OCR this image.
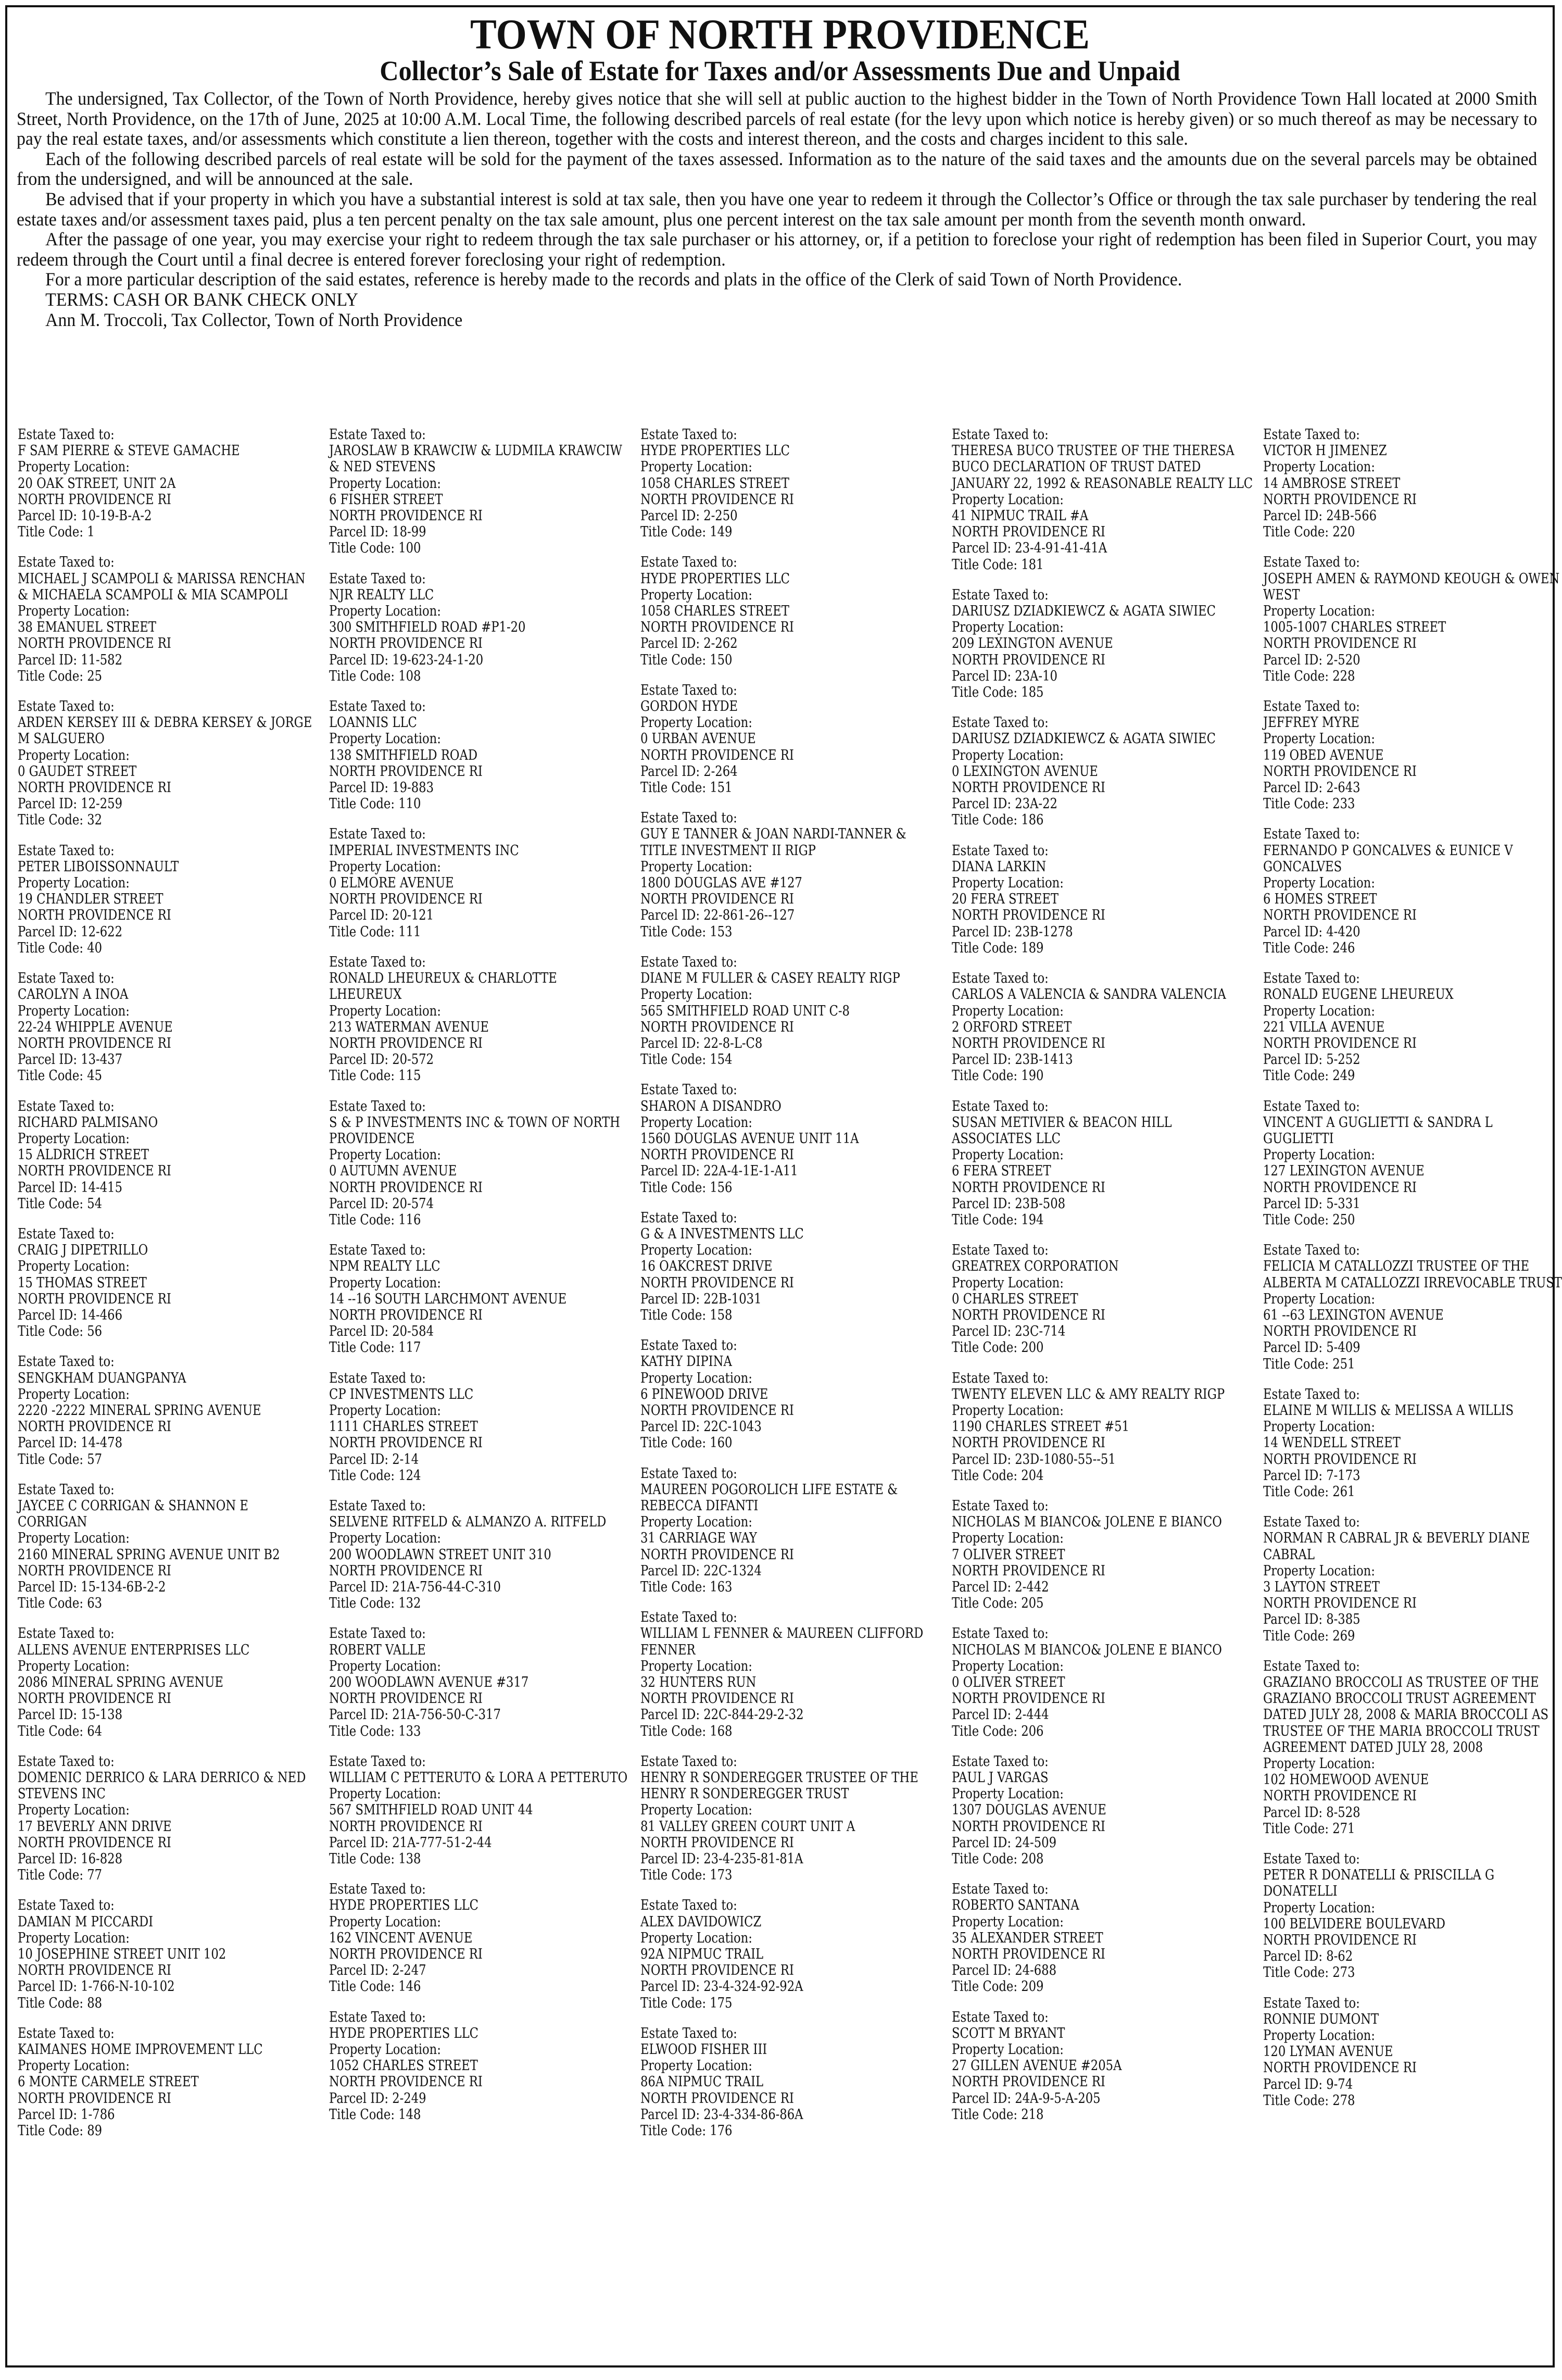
TOWN OF NORTH PROVIDENCE
Collector’s Sale of Estate for Taxes and/or Assessments Due and Unpaid

The undersigned, Tax Collector, of the Town of North Providence, hereby gives notice that she will sell at public auction to the highest bidder in the Town of North Providence Town Hall located at 2000 Smith Street, North Providence, on the 17th of June, 2025 at 10:00 A.M. Local Time, the following described parcels of real estate (for the levy upon which notice is hereby given) or so much thereof as may be necessary to pay the real estate taxes, and/or assessments which constitute a lien thereon, together with the costs and interest thereon, and the costs and charges incident to this sale.

Each of the following described parcels of real estate will be sold for the payment of the taxes assessed. Information as to the nature of the said taxes and the amounts due on the several parcels may be obtained from the undersigned, and will be announced at the sale.

Be advised that if your property in which you have a substantial interest is sold at tax sale, then you have one year to redeem it through the Collector’s Office or through the tax sale purchaser by tendering the real estate taxes and/or assessment taxes paid, plus a ten percent penalty on the tax sale amount, plus one percent interest on the tax sale amount per month from the seventh month onward.

After the passage of one year, you may exercise your right to redeem through the tax sale purchaser or his attorney, or, if a petition to foreclose your right of redemption has been filed in Superior Court, you may redeem through the Court until a final decree is entered forever foreclosing your right of redemption.

For a more particular description of the said estates, reference is hereby made to the records and plats in the office of the Clerk of said Town of North Providence.

TERMS: CASH OR BANK CHECK ONLY

Ann M. Troccoli, Tax Collector, Town of North Providence

Estate Taxed to:
F SAM PIERRE & STEVE GAMACHE
Property Location:
20 OAK STREET, UNIT 2A
NORTH PROVIDENCE RI
Parcel ID: 10-19-B-A-2
Title Code: 1
Estate Taxed to:
MICHAEL J SCAMPOLI & MARISSA RENCHAN & MICHAELA SCAMPOLI & MIA SCAMPOLI
Property Location:
38 EMANUEL STREET
NORTH PROVIDENCE RI
Parcel ID: 11-582
Title Code: 25
Estate Taxed to:
ARDEN KERSEY III & DEBRA KERSEY & JORGE M SALGUERO
Property Location:
0 GAUDET STREET
NORTH PROVIDENCE RI
Parcel ID: 12-259
Title Code: 32
Estate Taxed to:
PETER LIBOISSONNAULT
Property Location:
19 CHANDLER STREET
NORTH PROVIDENCE RI
Parcel ID: 12-622
Title Code: 40
Estate Taxed to:
CAROLYN A INOA
Property Location:
22-24 WHIPPLE AVENUE
NORTH PROVIDENCE RI
Parcel ID: 13-437
Title Code: 45
Estate Taxed to:
RICHARD PALMISANO
Property Location:
15 ALDRICH STREET
NORTH PROVIDENCE RI
Parcel ID: 14-415
Title Code: 54
Estate Taxed to:
CRAIG J DIPETRILLO
Property Location:
15 THOMAS STREET
NORTH PROVIDENCE RI
Parcel ID: 14-466
Title Code: 56
Estate Taxed to:
SENGKHAM DUANGPANYA
Property Location:
2220 -2222 MINERAL SPRING AVENUE
NORTH PROVIDENCE RI
Parcel ID: 14-478
Title Code: 57
Estate Taxed to:
JAYCEE C CORRIGAN & SHANNON E CORRIGAN
Property Location:
2160 MINERAL SPRING AVENUE UNIT B2
NORTH PROVIDENCE RI
Parcel ID: 15-134-6B-2-2
Title Code: 63
Estate Taxed to:
ALLENS AVENUE ENTERPRISES LLC
Property Location:
2086 MINERAL SPRING AVENUE
NORTH PROVIDENCE RI
Parcel ID: 15-138
Title Code: 64
Estate Taxed to:
DOMENIC DERRICO & LARA DERRICO & NED STEVENS INC
Property Location:
17 BEVERLY ANN DRIVE
NORTH PROVIDENCE RI
Parcel ID: 16-828
Title Code: 77
Estate Taxed to:
DAMIAN M PICCARDI
Property Location:
10 JOSEPHINE STREET UNIT 102
NORTH PROVIDENCE RI
Parcel ID: 1-766-N-10-102
Title Code: 88
Estate Taxed to:
KAIMANES HOME IMPROVEMENT LLC
Property Location:
6 MONTE CARMELE STREET
NORTH PROVIDENCE RI
Parcel ID: 1-786
Title Code: 89
Estate Taxed to:
JAROSLAW B KRAWCIW & LUDMILA KRAWCIW & NED STEVENS
Property Location:
6 FISHER STREET
NORTH PROVIDENCE RI
Parcel ID: 18-99
Title Code: 100
Estate Taxed to:
NJR REALTY LLC
Property Location:
300 SMITHFIELD ROAD #P1-20
NORTH PROVIDENCE RI
Parcel ID: 19-623-24-1-20
Title Code: 108
Estate Taxed to:
LOANNIS LLC
Property Location:
138 SMITHFIELD ROAD
NORTH PROVIDENCE RI
Parcel ID: 19-883
Title Code: 110
Estate Taxed to:
IMPERIAL INVESTMENTS INC
Property Location:
0 ELMORE AVENUE
NORTH PROVIDENCE RI
Parcel ID: 20-121
Title Code: 111
Estate Taxed to:
RONALD LHEUREUX & CHARLOTTE LHEUREUX
Property Location:
213 WATERMAN AVENUE
NORTH PROVIDENCE RI
Parcel ID: 20-572
Title Code: 115
Estate Taxed to:
S & P INVESTMENTS INC & TOWN OF NORTH PROVIDENCE
Property Location:
0 AUTUMN AVENUE
NORTH PROVIDENCE RI
Parcel ID: 20-574
Title Code: 116
Estate Taxed to:
NPM REALTY LLC
Property Location:
14 --16 SOUTH LARCHMONT AVENUE
NORTH PROVIDENCE RI
Parcel ID: 20-584
Title Code: 117
Estate Taxed to:
CP INVESTMENTS LLC
Property Location:
1111 CHARLES STREET
NORTH PROVIDENCE RI
Parcel ID: 2-14
Title Code: 124
Estate Taxed to:
SELVENE RITFELD & ALMANZO A. RITFELD
Property Location:
200 WOODLAWN STREET UNIT 310
NORTH PROVIDENCE RI
Parcel ID: 21A-756-44-C-310
Title Code: 132
Estate Taxed to:
ROBERT VALLE
Property Location:
200 WOODLAWN AVENUE #317
NORTH PROVIDENCE RI
Parcel ID: 21A-756-50-C-317
Title Code: 133
Estate Taxed to:
WILLIAM C PETTERUTO & LORA A PETTERUTO
Property Location:
567 SMITHFIELD ROAD UNIT 44
NORTH PROVIDENCE RI
Parcel ID: 21A-777-51-2-44
Title Code: 138
Estate Taxed to:
HYDE PROPERTIES LLC
Property Location:
162 VINCENT AVENUE
NORTH PROVIDENCE RI
Parcel ID: 2-247
Title Code: 146
Estate Taxed to:
HYDE PROPERTIES LLC
Property Location:
1052 CHARLES STREET
NORTH PROVIDENCE RI
Parcel ID: 2-249
Title Code: 148
Estate Taxed to:
HYDE PROPERTIES LLC
Property Location:
1058 CHARLES STREET
NORTH PROVIDENCE RI
Parcel ID: 2-250
Title Code: 149
Estate Taxed to:
HYDE PROPERTIES LLC
Property Location:
1058 CHARLES STREET
NORTH PROVIDENCE RI
Parcel ID: 2-262
Title Code: 150
Estate Taxed to:
GORDON HYDE
Property Location:
0 URBAN AVENUE
NORTH PROVIDENCE RI
Parcel ID: 2-264
Title Code: 151
Estate Taxed to:
GUY E TANNER & JOAN NARDI-TANNER & TITLE INVESTMENT II RIGP
Property Location:
1800 DOUGLAS AVE #127
NORTH PROVIDENCE RI
Parcel ID: 22-861-26--127
Title Code: 153
Estate Taxed to:
DIANE M FULLER & CASEY REALTY RIGP
Property Location:
565 SMITHFIELD ROAD UNIT C-8
NORTH PROVIDENCE RI
Parcel ID: 22-8-L-C8
Title Code: 154
Estate Taxed to:
SHARON A DISANDRO
Property Location:
1560 DOUGLAS AVENUE UNIT 11A
NORTH PROVIDENCE RI
Parcel ID: 22A-4-1E-1-A11
Title Code: 156
Estate Taxed to:
G & A INVESTMENTS LLC
Property Location:
16 OAKCREST DRIVE
NORTH PROVIDENCE RI
Parcel ID: 22B-1031
Title Code: 158
Estate Taxed to:
KATHY DIPINA
Property Location:
6 PINEWOOD DRIVE
NORTH PROVIDENCE RI
Parcel ID: 22C-1043
Title Code: 160
Estate Taxed to:
MAUREEN POGOROLICH LIFE ESTATE & REBECCA DIFANTI
Property Location:
31 CARRIAGE WAY
NORTH PROVIDENCE RI
Parcel ID: 22C-1324
Title Code: 163
Estate Taxed to:
WILLIAM L FENNER & MAUREEN CLIFFORD FENNER
Property Location:
32 HUNTERS RUN
NORTH PROVIDENCE RI
Parcel ID: 22C-844-29-2-32
Title Code: 168
Estate Taxed to:
HENRY R SONDEREGGER TRUSTEE OF THE HENRY R SONDEREGGER TRUST
Property Location:
81 VALLEY GREEN COURT UNIT A
NORTH PROVIDENCE RI
Parcel ID: 23-4-235-81-81A
Title Code: 173
Estate Taxed to:
ALEX DAVIDOWICZ
Property Location:
92A NIPMUC TRAIL
NORTH PROVIDENCE RI
Parcel ID: 23-4-324-92-92A
Title Code: 175
Estate Taxed to:
ELWOOD FISHER III
Property Location:
86A NIPMUC TRAIL
NORTH PROVIDENCE RI
Parcel ID: 23-4-334-86-86A
Title Code: 176
Estate Taxed to:
THERESA BUCO TRUSTEE OF THE THERESA BUCO DECLARATION OF TRUST DATED JANUARY 22, 1992 & REASONABLE REALTY LLC
Property Location:
41 NIPMUC TRAIL #A
NORTH PROVIDENCE RI
Parcel ID: 23-4-91-41-41A
Title Code: 181
Estate Taxed to:
DARIUSZ DZIADKIEWCZ & AGATA SIWIEC
Property Location:
209 LEXINGTON AVENUE
NORTH PROVIDENCE RI
Parcel ID: 23A-10
Title Code: 185
Estate Taxed to:
DARIUSZ DZIADKIEWCZ & AGATA SIWIEC
Property Location:
0 LEXINGTON AVENUE
NORTH PROVIDENCE RI
Parcel ID: 23A-22
Title Code: 186
Estate Taxed to:
DIANA LARKIN
Property Location:
20 FERA STREET
NORTH PROVIDENCE RI
Parcel ID: 23B-1278
Title Code: 189
Estate Taxed to:
CARLOS A VALENCIA & SANDRA VALENCIA
Property Location:
2 ORFORD STREET
NORTH PROVIDENCE RI
Parcel ID: 23B-1413
Title Code: 190
Estate Taxed to:
SUSAN METIVIER & BEACON HILL ASSOCIATES LLC
Property Location:
6 FERA STREET
NORTH PROVIDENCE RI
Parcel ID: 23B-508
Title Code: 194
Estate Taxed to:
GREATREX CORPORATION
Property Location:
0 CHARLES STREET
NORTH PROVIDENCE RI
Parcel ID: 23C-714
Title Code: 200
Estate Taxed to:
TWENTY ELEVEN LLC & AMY REALTY RIGP
Property Location:
1190 CHARLES STREET #51
NORTH PROVIDENCE RI
Parcel ID: 23D-1080-55--51
Title Code: 204
Estate Taxed to:
NICHOLAS M BIANCO& JOLENE E BIANCO
Property Location:
7 OLIVER STREET
NORTH PROVIDENCE RI
Parcel ID: 2-442
Title Code: 205
Estate Taxed to:
NICHOLAS M BIANCO& JOLENE E BIANCO
Property Location:
0 OLIVER STREET
NORTH PROVIDENCE RI
Parcel ID: 2-444
Title Code: 206
Estate Taxed to:
PAUL J VARGAS
Property Location:
1307 DOUGLAS AVENUE
NORTH PROVIDENCE RI
Parcel ID: 24-509
Title Code: 208
Estate Taxed to:
ROBERTO SANTANA
Property Location:
35 ALEXANDER STREET
NORTH PROVIDENCE RI
Parcel ID: 24-688
Title Code: 209
Estate Taxed to:
SCOTT M BRYANT
Property Location:
27 GILLEN AVENUE #205A
NORTH PROVIDENCE RI
Parcel ID: 24A-9-5-A-205
Title Code: 218
Estate Taxed to:
VICTOR H JIMENEZ
Property Location:
14 AMBROSE STREET
NORTH PROVIDENCE RI
Parcel ID: 24B-566
Title Code: 220
Estate Taxed to:
JOSEPH AMEN & RAYMOND KEOUGH & OWEN WEST
Property Location:
1005-1007 CHARLES STREET
NORTH PROVIDENCE RI
Parcel ID: 2-520
Title Code: 228
Estate Taxed to:
JEFFREY MYRE
Property Location:
119 OBED AVENUE
NORTH PROVIDENCE RI
Parcel ID: 2-643
Title Code: 233
Estate Taxed to:
FERNANDO P GONCALVES & EUNICE V GONCALVES
Property Location:
6 HOMES STREET
NORTH PROVIDENCE RI
Parcel ID: 4-420
Title Code: 246
Estate Taxed to:
RONALD EUGENE LHEUREUX
Property Location:
221 VILLA AVENUE
NORTH PROVIDENCE RI
Parcel ID: 5-252
Title Code: 249
Estate Taxed to:
VINCENT A GUGLIETTI & SANDRA L GUGLIETTI
Property Location:
127 LEXINGTON AVENUE
NORTH PROVIDENCE RI
Parcel ID: 5-331
Title Code: 250
Estate Taxed to:
FELICIA M CATALLOZZI TRUSTEE OF THE ALBERTA M CATALLOZZI IRREVOCABLE TRUST
Property Location:
61 --63 LEXINGTON AVENUE
NORTH PROVIDENCE RI
Parcel ID: 5-409
Title Code: 251
Estate Taxed to:
ELAINE M WILLIS & MELISSA A WILLIS
Property Location:
14 WENDELL STREET
NORTH PROVIDENCE RI
Parcel ID: 7-173
Title Code: 261
Estate Taxed to:
NORMAN R CABRAL JR & BEVERLY DIANE CABRAL
Property Location:
3 LAYTON STREET
NORTH PROVIDENCE RI
Parcel ID: 8-385
Title Code: 269
Estate Taxed to:
GRAZIANO BROCCOLI AS TRUSTEE OF THE GRAZIANO BROCCOLI TRUST AGREEMENT DATED JULY 28, 2008 & MARIA BROCCOLI AS TRUSTEE OF THE MARIA BROCCOLI TRUST AGREEMENT DATED JULY 28, 2008
Property Location:
102 HOMEWOOD AVENUE
NORTH PROVIDENCE RI
Parcel ID: 8-528
Title Code: 271
Estate Taxed to:
PETER R DONATELLI & PRISCILLA G DONATELLI
Property Location:
100 BELVIDERE BOULEVARD
NORTH PROVIDENCE RI
Parcel ID: 8-62
Title Code: 273
Estate Taxed to:
RONNIE DUMONT
Property Location:
120 LYMAN AVENUE
NORTH PROVIDENCE RI
Parcel ID: 9-74
Title Code: 278
